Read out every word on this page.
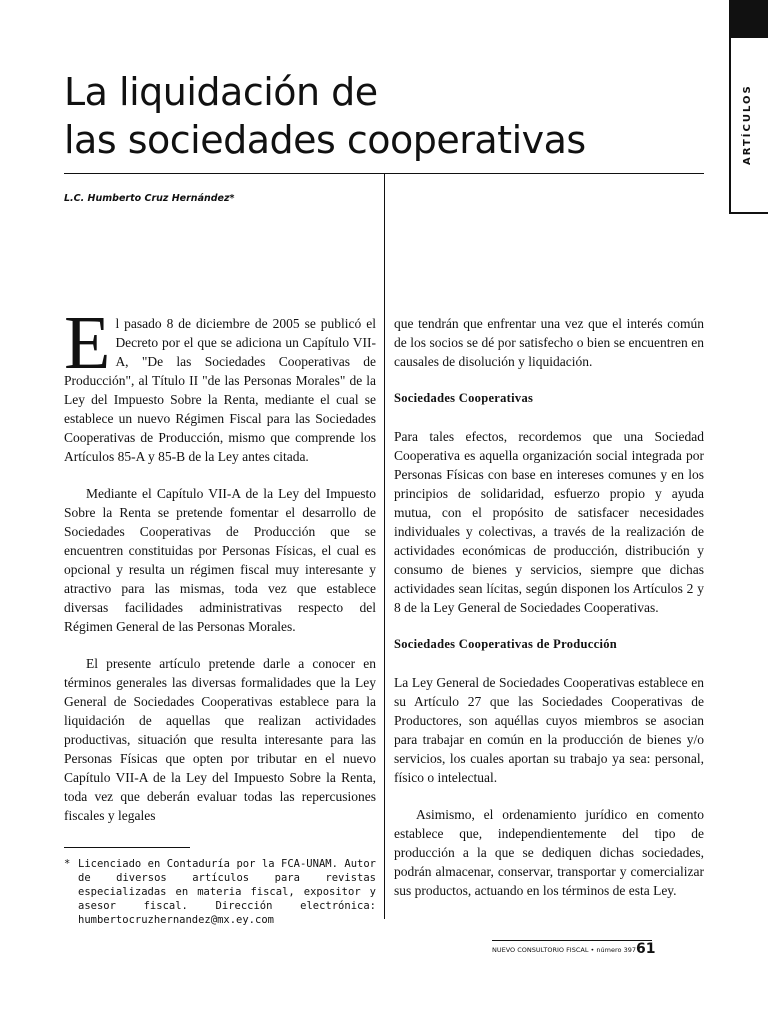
ARTÍCULOS
La liquidación de
las sociedades cooperativas
L.C. Humberto Cruz Hernández*

El pasado 8 de diciembre de 2005 se publicó el Decreto por el que se adiciona un Capítulo VII-A, "De las Sociedades Cooperativas de Producción", al Título II "de las Personas Morales" de la Ley del Impuesto Sobre la Renta, mediante el cual se establece un nuevo Régimen Fiscal para las Sociedades Cooperativas de Producción, mismo que comprende los Artículos 85-A y 85-B de la Ley antes citada.

Mediante el Capítulo VII-A de la Ley del Impuesto Sobre la Renta se pretende fomentar el desarrollo de Sociedades Cooperativas de Producción que se encuentren constituidas por Personas Físicas, el cual es opcional y resulta un régimen fiscal muy interesante y atractivo para las mismas, toda vez que establece diversas facilidades administrativas respecto del Régimen General de las Personas Morales.

El presente artículo pretende darle a conocer en términos generales las diversas formalidades que la Ley General de Sociedades Cooperativas establece para la liquidación de aquellas que realizan actividades productivas, situación que resulta interesante para las Personas Físicas que opten por tributar en el nuevo Capítulo VII-A de la Ley del Impuesto Sobre la Renta, toda vez que deberán evaluar todas las repercusiones fiscales y legales

que tendrán que enfrentar una vez que el interés común de los socios se dé por satisfecho o bien se encuentren en causales de disolución y liquidación.

Sociedades Cooperativas

Para tales efectos, recordemos que una Sociedad Cooperativa es aquella organización social integrada por Personas Físicas con base en intereses comunes y en los principios de solidaridad, esfuerzo propio y ayuda mutua, con el propósito de satisfacer necesidades individuales y colectivas, a través de la realización de actividades económicas de producción, distribución y consumo de bienes y servicios, siempre que dichas actividades sean lícitas, según disponen los Artículos 2 y 8 de la Ley General de Sociedades Cooperativas.

Sociedades Cooperativas de Producción

La Ley General de Sociedades Cooperativas establece en su Artículo 27 que las Sociedades Cooperativas de Productores, son aquéllas cuyos miembros se asocian para trabajar en común en la producción de bienes y/o servicios, los cuales aportan su trabajo ya sea: personal, físico o intelectual.

Asimismo, el ordenamiento jurídico en comento establece que, independientemente del tipo de producción a la que se dediquen dichas sociedades, podrán almacenar, conservar, transportar y comercializar sus productos, actuando en los términos de esta Ley.

* Licenciado en Contaduría por la FCA-UNAM. Autor de diversos artículos para revistas especializadas en materia fiscal, expositor y asesor fiscal. Dirección electrónica: humbertocruzhernandez@mx.ey.com
NUEVO CONSULTORIO FISCAL • número 397 61
